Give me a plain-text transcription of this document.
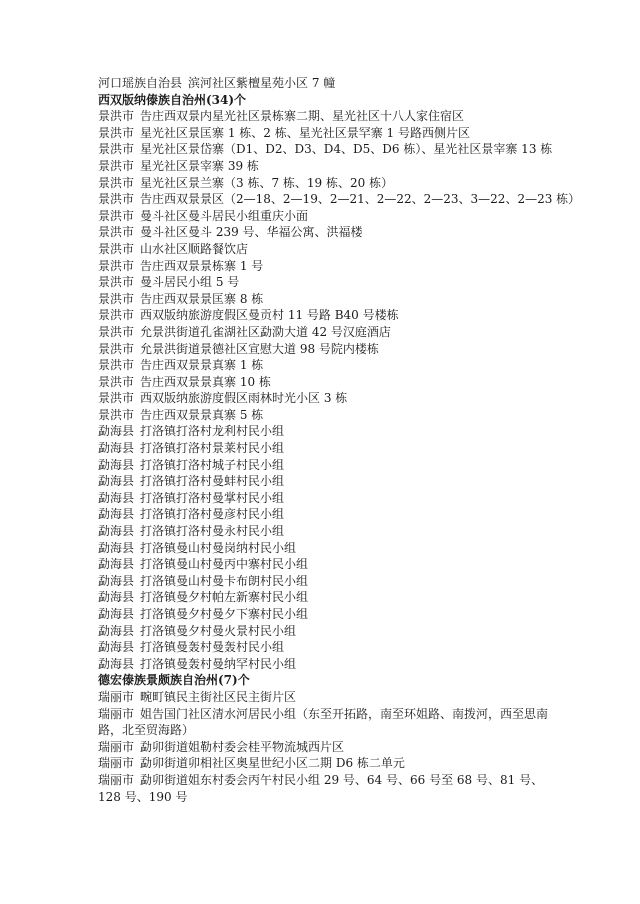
河口瑶族自治县 滨河社区紫檀星苑小区 7 幢
西双版纳傣族自治州(34)个
景洪市 告庄西双景内星光社区景栋寨二期、星光社区十八人家住宿区
景洪市 星光社区景匡寨 1 栋、2 栋、星光社区景罕寨 1 号路西侧片区
景洪市 星光社区景岱寨（D1、D2、D3、D4、D5、D6 栋）、星光社区景宰寨 13 栋
景洪市 星光社区景宰寨 39 栋
景洪市 星光社区景兰寨（3 栋、7 栋、19 栋、20 栋）
景洪市 告庄西双景景区（2—18、2—19、2—21、2—22、2—23、3—22、2—23 栋）
景洪市 曼斗社区曼斗居民小组重庆小面
景洪市 曼斗社区曼斗 239 号、华福公寓、洪福楼
景洪市 山水社区顺路餐饮店
景洪市 告庄西双景景栋寨 1 号
景洪市 曼斗居民小组 5 号
景洪市 告庄西双景景匡寨 8 栋
景洪市 西双版纳旅游度假区曼贡村 11 号路 B40 号楼栋
景洪市 允景洪街道孔雀湖社区勐泐大道 42 号汉庭酒店
景洪市 允景洪街道景德社区宣慰大道 98 号院内楼栋
景洪市 告庄西双景景真寨 1 栋
景洪市 告庄西双景景真寨 10 栋
景洪市 西双版纳旅游度假区雨林时光小区 3 栋
景洪市 告庄西双景景真寨 5 栋
勐海县 打洛镇打洛村龙利村民小组
勐海县 打洛镇打洛村景莱村民小组
勐海县 打洛镇打洛村城子村民小组
勐海县 打洛镇打洛村曼蚌村民小组
勐海县 打洛镇打洛村曼掌村民小组
勐海县 打洛镇打洛村曼彦村民小组
勐海县 打洛镇打洛村曼永村民小组
勐海县 打洛镇曼山村曼岗纳村民小组
勐海县 打洛镇曼山村曼丙中寨村民小组
勐海县 打洛镇曼山村曼卡布朗村民小组
勐海县 打洛镇曼夕村帕左新寨村民小组
勐海县 打洛镇曼夕村曼夕下寨村民小组
勐海县 打洛镇曼夕村曼火景村民小组
勐海县 打洛镇曼轰村曼轰村民小组
勐海县 打洛镇曼轰村曼纳罕村民小组
德宏傣族景颇族自治州(7)个
瑞丽市 畹町镇民主街社区民主街片区
瑞丽市 姐告国门社区清水河居民小组（东至开拓路，南至环姐路、南拨河，西至思南路，北至贸海路）
瑞丽市 勐卯街道姐勒村委会桂平物流城西片区
瑞丽市 勐卯街道卯相社区奥星世纪小区二期 D6 栋二单元
瑞丽市 勐卯街道姐东村委会丙午村民小组 29 号、64 号、66 号至 68 号、81 号、128 号、190 号
